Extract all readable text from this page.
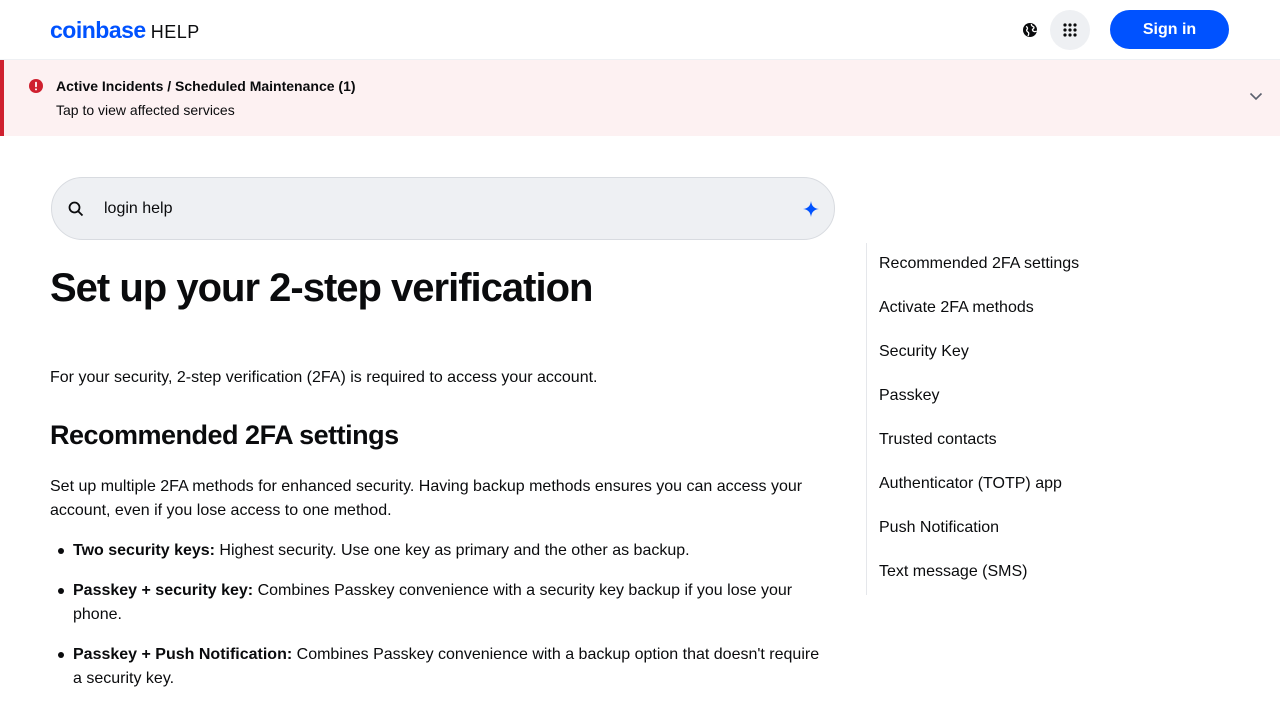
coinbase HELP	Sign in
Active Incidents / Scheduled Maintenance (1)
Tap to view affected services
login help
Set up your 2-step verification

For your security, 2-step verification (2FA) is required to access your account.

Recommended 2FA settings

Set up multiple 2FA methods for enhanced security. Having backup methods ensures you can access your account, even if you lose access to one method.

Two security keys: Highest security. Use one key as primary and the other as backup.
Passkey + security key: Combines Passkey convenience with a security key backup if you lose your phone.
Passkey + Push Notification: Combines Passkey convenience with a backup option that doesn't require a security key.
Recommended 2FA settings
Activate 2FA methods
Security Key
Passkey
Trusted contacts
Authenticator (TOTP) app
Push Notification
Text message (SMS)
